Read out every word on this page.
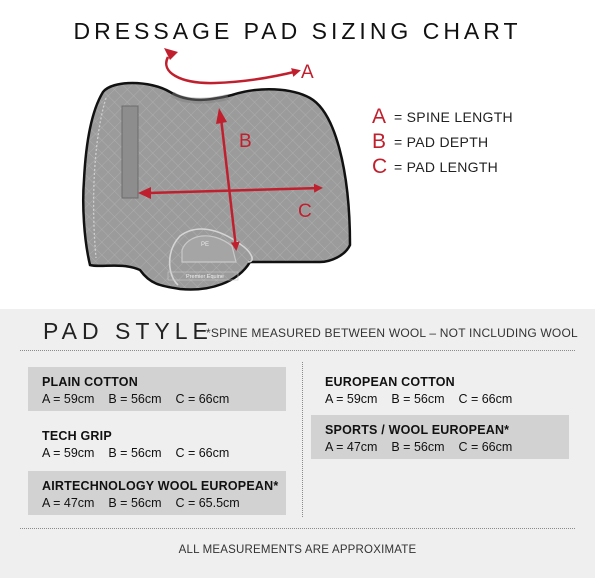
DRESSAGE PAD SIZING CHART
PE
Premier Equine
A
B
C
A = SPINE LENGTH
B = PAD DEPTH
C = PAD LENGTH
PAD STYLE
*SPINE MEASURED BETWEEN WOOL – NOT INCLUDING WOOL
PLAIN COTTON
A = 59cm B = 56cm C = 66cm
TECH GRIP
A = 59cm B = 56cm C = 66cm
AIRTECHNOLOGY WOOL EUROPEAN*
A = 47cm B = 56cm C = 65.5cm
EUROPEAN COTTON
A = 59cm B = 56cm C = 66cm
SPORTS / WOOL EUROPEAN*
A = 47cm B = 56cm C = 66cm
ALL MEASUREMENTS ARE APPROXIMATE
